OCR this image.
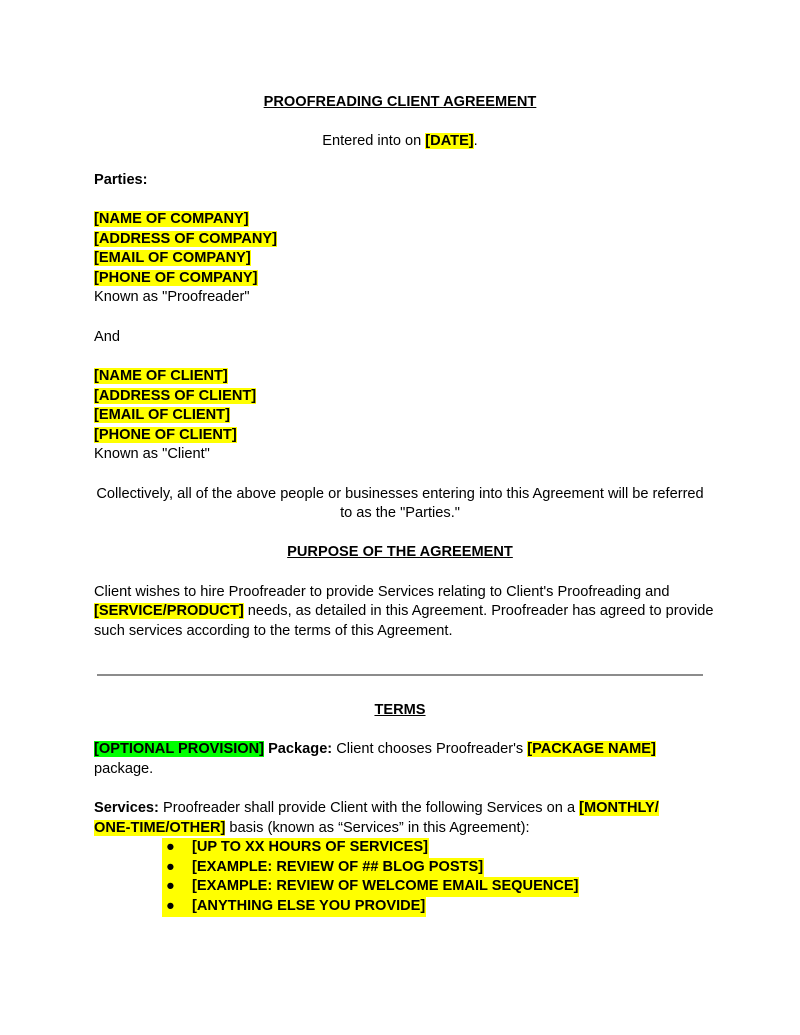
PROOFREADING CLIENT AGREEMENT
Entered into on [DATE].
Parties:
[NAME OF COMPANY]
[ADDRESS OF COMPANY]
[EMAIL OF COMPANY]
[PHONE OF COMPANY]
Known as "Proofreader"
And
[NAME OF CLIENT]
[ADDRESS OF CLIENT]
[EMAIL OF CLIENT]
[PHONE OF CLIENT]
Known as "Client"
Collectively, all of the above people or businesses entering into this Agreement will be referred
to as the "Parties."
PURPOSE OF THE AGREEMENT
Client wishes to hire Proofreader to provide Services relating to Client's Proofreading and
[SERVICE/PRODUCT] needs, as detailed in this Agreement. Proofreader has agreed to provide
such services according to the terms of this Agreement.
TERMS
[OPTIONAL PROVISION] Package: Client chooses Proofreader's [PACKAGE NAME]
package.
Services: Proofreader shall provide Client with the following Services on a [MONTHLY/
ONE-TIME/OTHER] basis (known as “Services” in this Agreement):
● [UP TO XX HOURS OF SERVICES]
● [EXAMPLE: REVIEW OF ## BLOG POSTS]
● [EXAMPLE: REVIEW OF WELCOME EMAIL SEQUENCE]
● [ANYTHING ELSE YOU PROVIDE]
